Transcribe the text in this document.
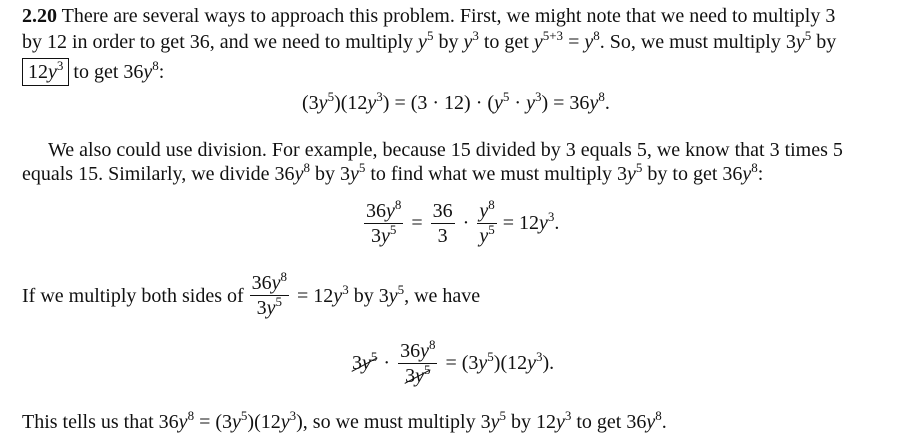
2.20 There are several ways to approach this problem. First, we might note that we need to multiply 3
by 12 in order to get 36, and we need to multiply $y^5$ by $y^3$ to get $y^{5+3} = y^8$. So, we must multiply $3y^5$ by
$12y^3$ to get $36y^8$:
$(3y^5)(12y^3) = (3 \cdot 12) \cdot (y^5 \cdot y^3) = 36y^8$.
We also could use division. For example, because 15 divided by 3 equals 5, we know that 3 times 5
equals 15. Similarly, we divide $36y^8$ by $3y^5$ to find what we must multiply $3y^5$ by to get $36y^8$:
$\frac{36y^8}{3y^5} = \frac{36}{3} \cdot \frac{y^8}{y^5} = 12y^3$.
If we multiply both sides of $\frac{36y^8}{3y^5} = 12y^3$ by $3y^5$, we have
$3y^5 \cdot \frac{36y^8}{3y^5} = (3y^5)(12y^3)$.
This tells us that $36y^8 = (3y^5)(12y^3)$, so we must multiply $3y^5$ by $12y^3$ to get $36y^8$.
